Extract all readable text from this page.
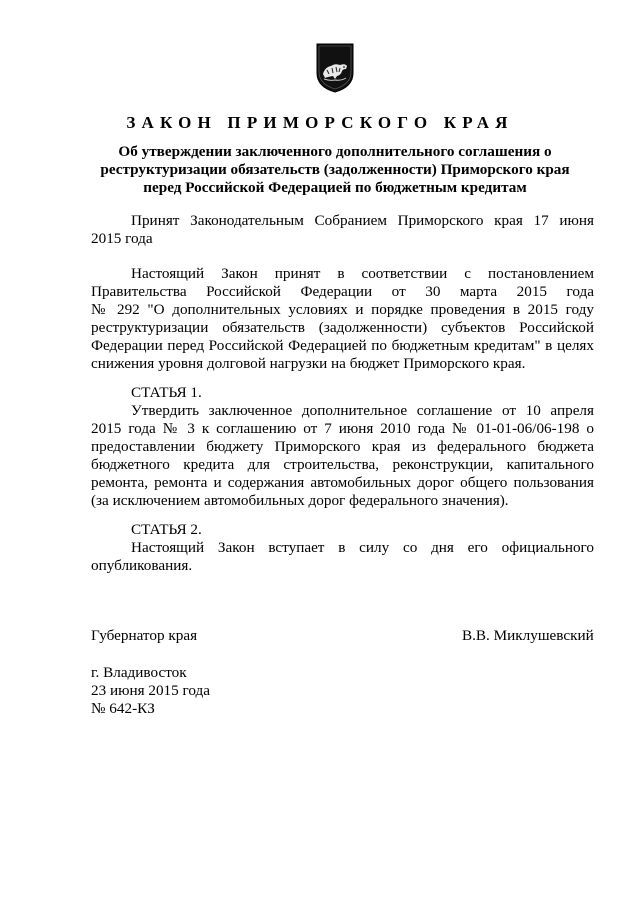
ЗАКОН ПРИМОРСКОГО КРАЯ
Об утверждении заключенного дополнительного соглашения о
реструктуризации обязательств (задолженности) Приморского края
перед Российской Федерацией по бюджетным кредитам
Принят Законодательным Собранием Приморского края 17 июня
2015 года
Настоящий Закон принят в соответствии с постановлением
Правительства Российской Федерации от 30 марта 2015 года
№ 292 "О дополнительных условиях и порядке проведения в 2015 году
реструктуризации обязательств (задолженности) субъектов Российской
Федерации перед Российской Федерацией по бюджетным кредитам" в целях
снижения уровня долговой нагрузки на бюджет Приморского края.
СТАТЬЯ 1.
Утвердить заключенное дополнительное соглашение от 10 апреля
2015 года № 3 к соглашению от 7 июня 2010 года № 01-01-06/06-198 о
предоставлении бюджету Приморского края из федерального бюджета
бюджетного кредита для строительства, реконструкции, капитального
ремонта, ремонта и содержания автомобильных дорог общего пользования
(за исключением автомобильных дорог федерального значения).
СТАТЬЯ 2.
Настоящий Закон вступает в силу со дня его официального
опубликования.
Губернатор края	В.В. Миклушевский
г. Владивосток
23 июня 2015 года
№ 642-КЗ
